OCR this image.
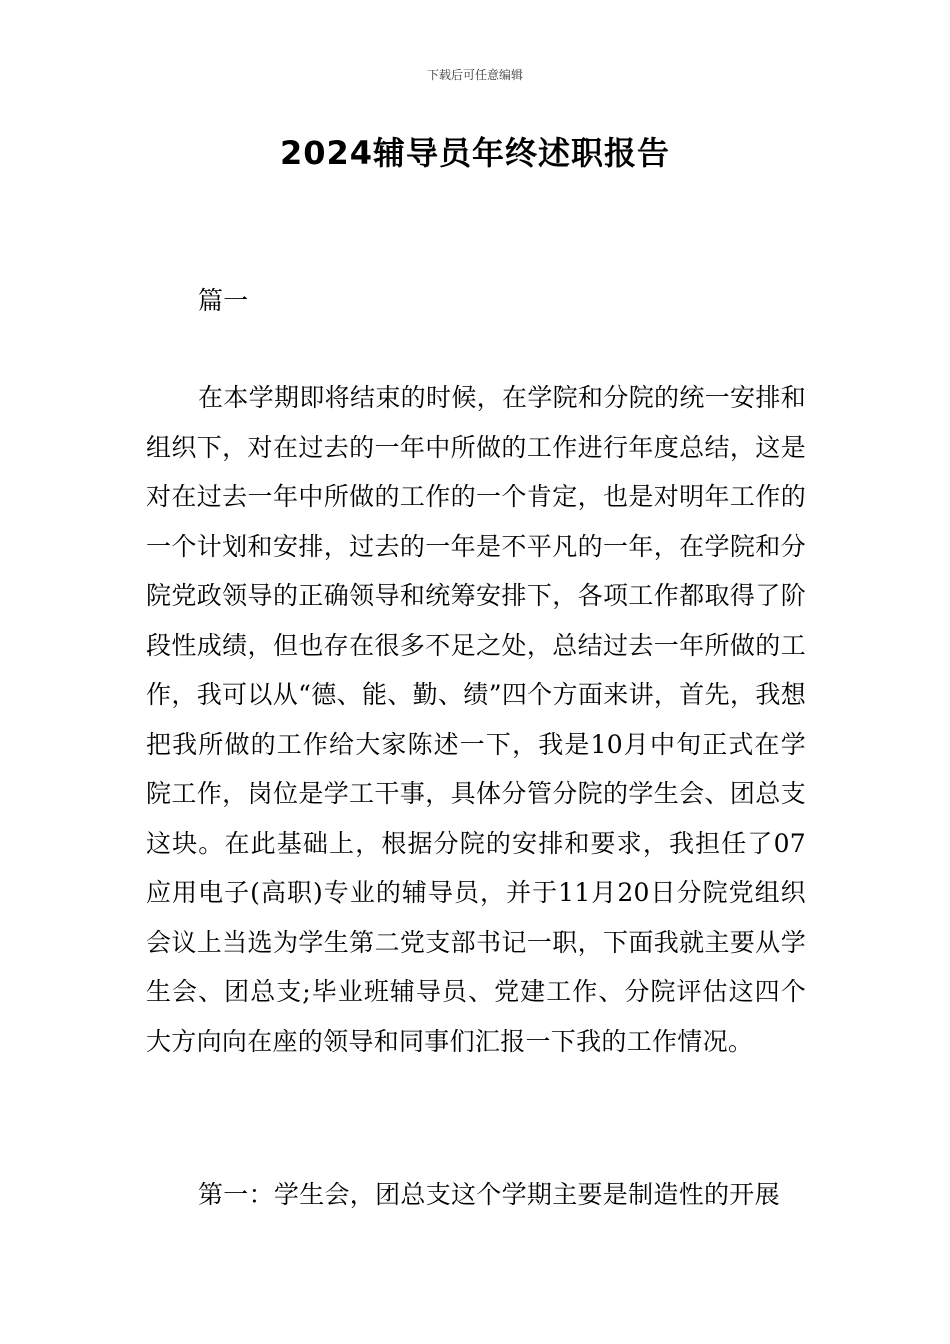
下载后可任意编辑
2024辅导员年终述职报告
篇一

在本学期即将结束的时候，在学院和分院的统一安排和组织下，对在过去的一年中所做的工作进行年度总结，这是对在过去一年中所做的工作的一个肯定，也是对明年工作的一个计划和安排，过去的一年是不平凡的一年，在学院和分院党政领导的正确领导和统筹安排下，各项工作都取得了阶段性成绩，但也存在很多不足之处，总结过去一年所做的工作，我可以从“德、能、勤、绩”四个方面来讲，首先，我想把我所做的工作给大家陈述一下，我是10月中旬正式在学院工作，岗位是学工干事，具体分管分院的学生会、团总支这块。在此基础上，根据分院的安排和要求，我担任了07应用电子(高职)专业的辅导员，并于11月20日分院党组织会议上当选为学生第二党支部书记一职，下面我就主要从学生会、团总支;毕业班辅导员、党建工作、分院评估这四个大方向向在座的领导和同事们汇报一下我的工作情况。

第一：学生会，团总支这个学期主要是制造性的开展
